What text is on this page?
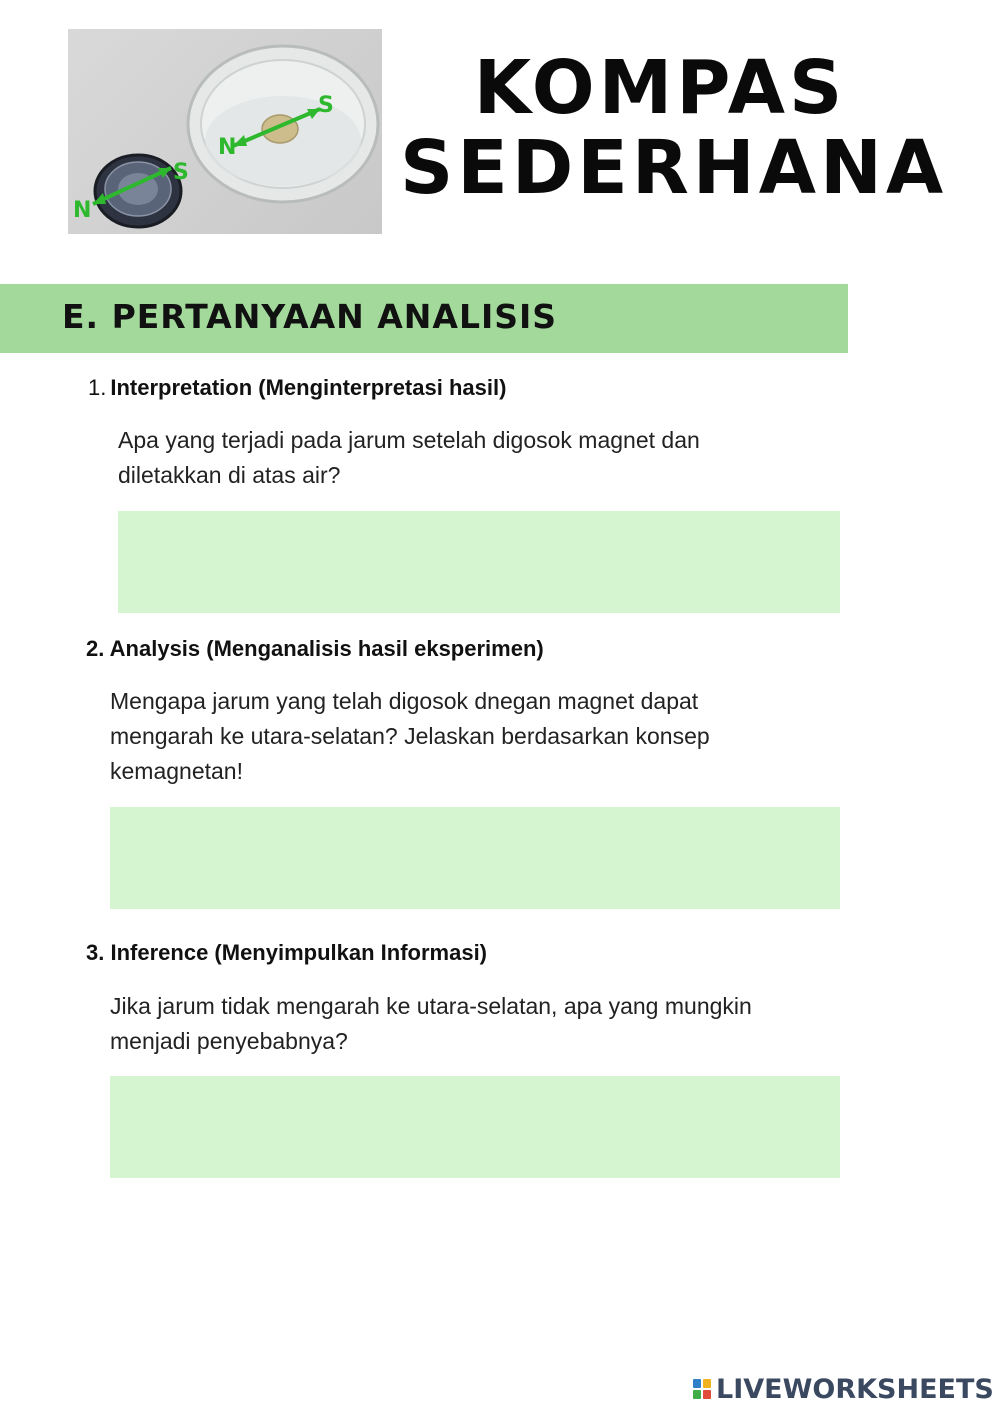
N
S
N
S
KOMPAS
SEDERHANA
E. PERTANYAAN ANALISIS
1. Interpretation (Menginterpretasi hasil)
Apa yang terjadi pada jarum setelah digosok magnet dan
diletakkan di atas air?
2. Analysis (Menganalisis hasil eksperimen)
Mengapa jarum yang telah digosok dnegan magnet dapat
mengarah ke utara-selatan? Jelaskan berdasarkan konsep
kemagnetan!
3. Inference (Menyimpulkan Informasi)
Jika jarum tidak mengarah ke utara-selatan, apa yang mungkin
menjadi penyebabnya?
LIVEWORKSHEETS
